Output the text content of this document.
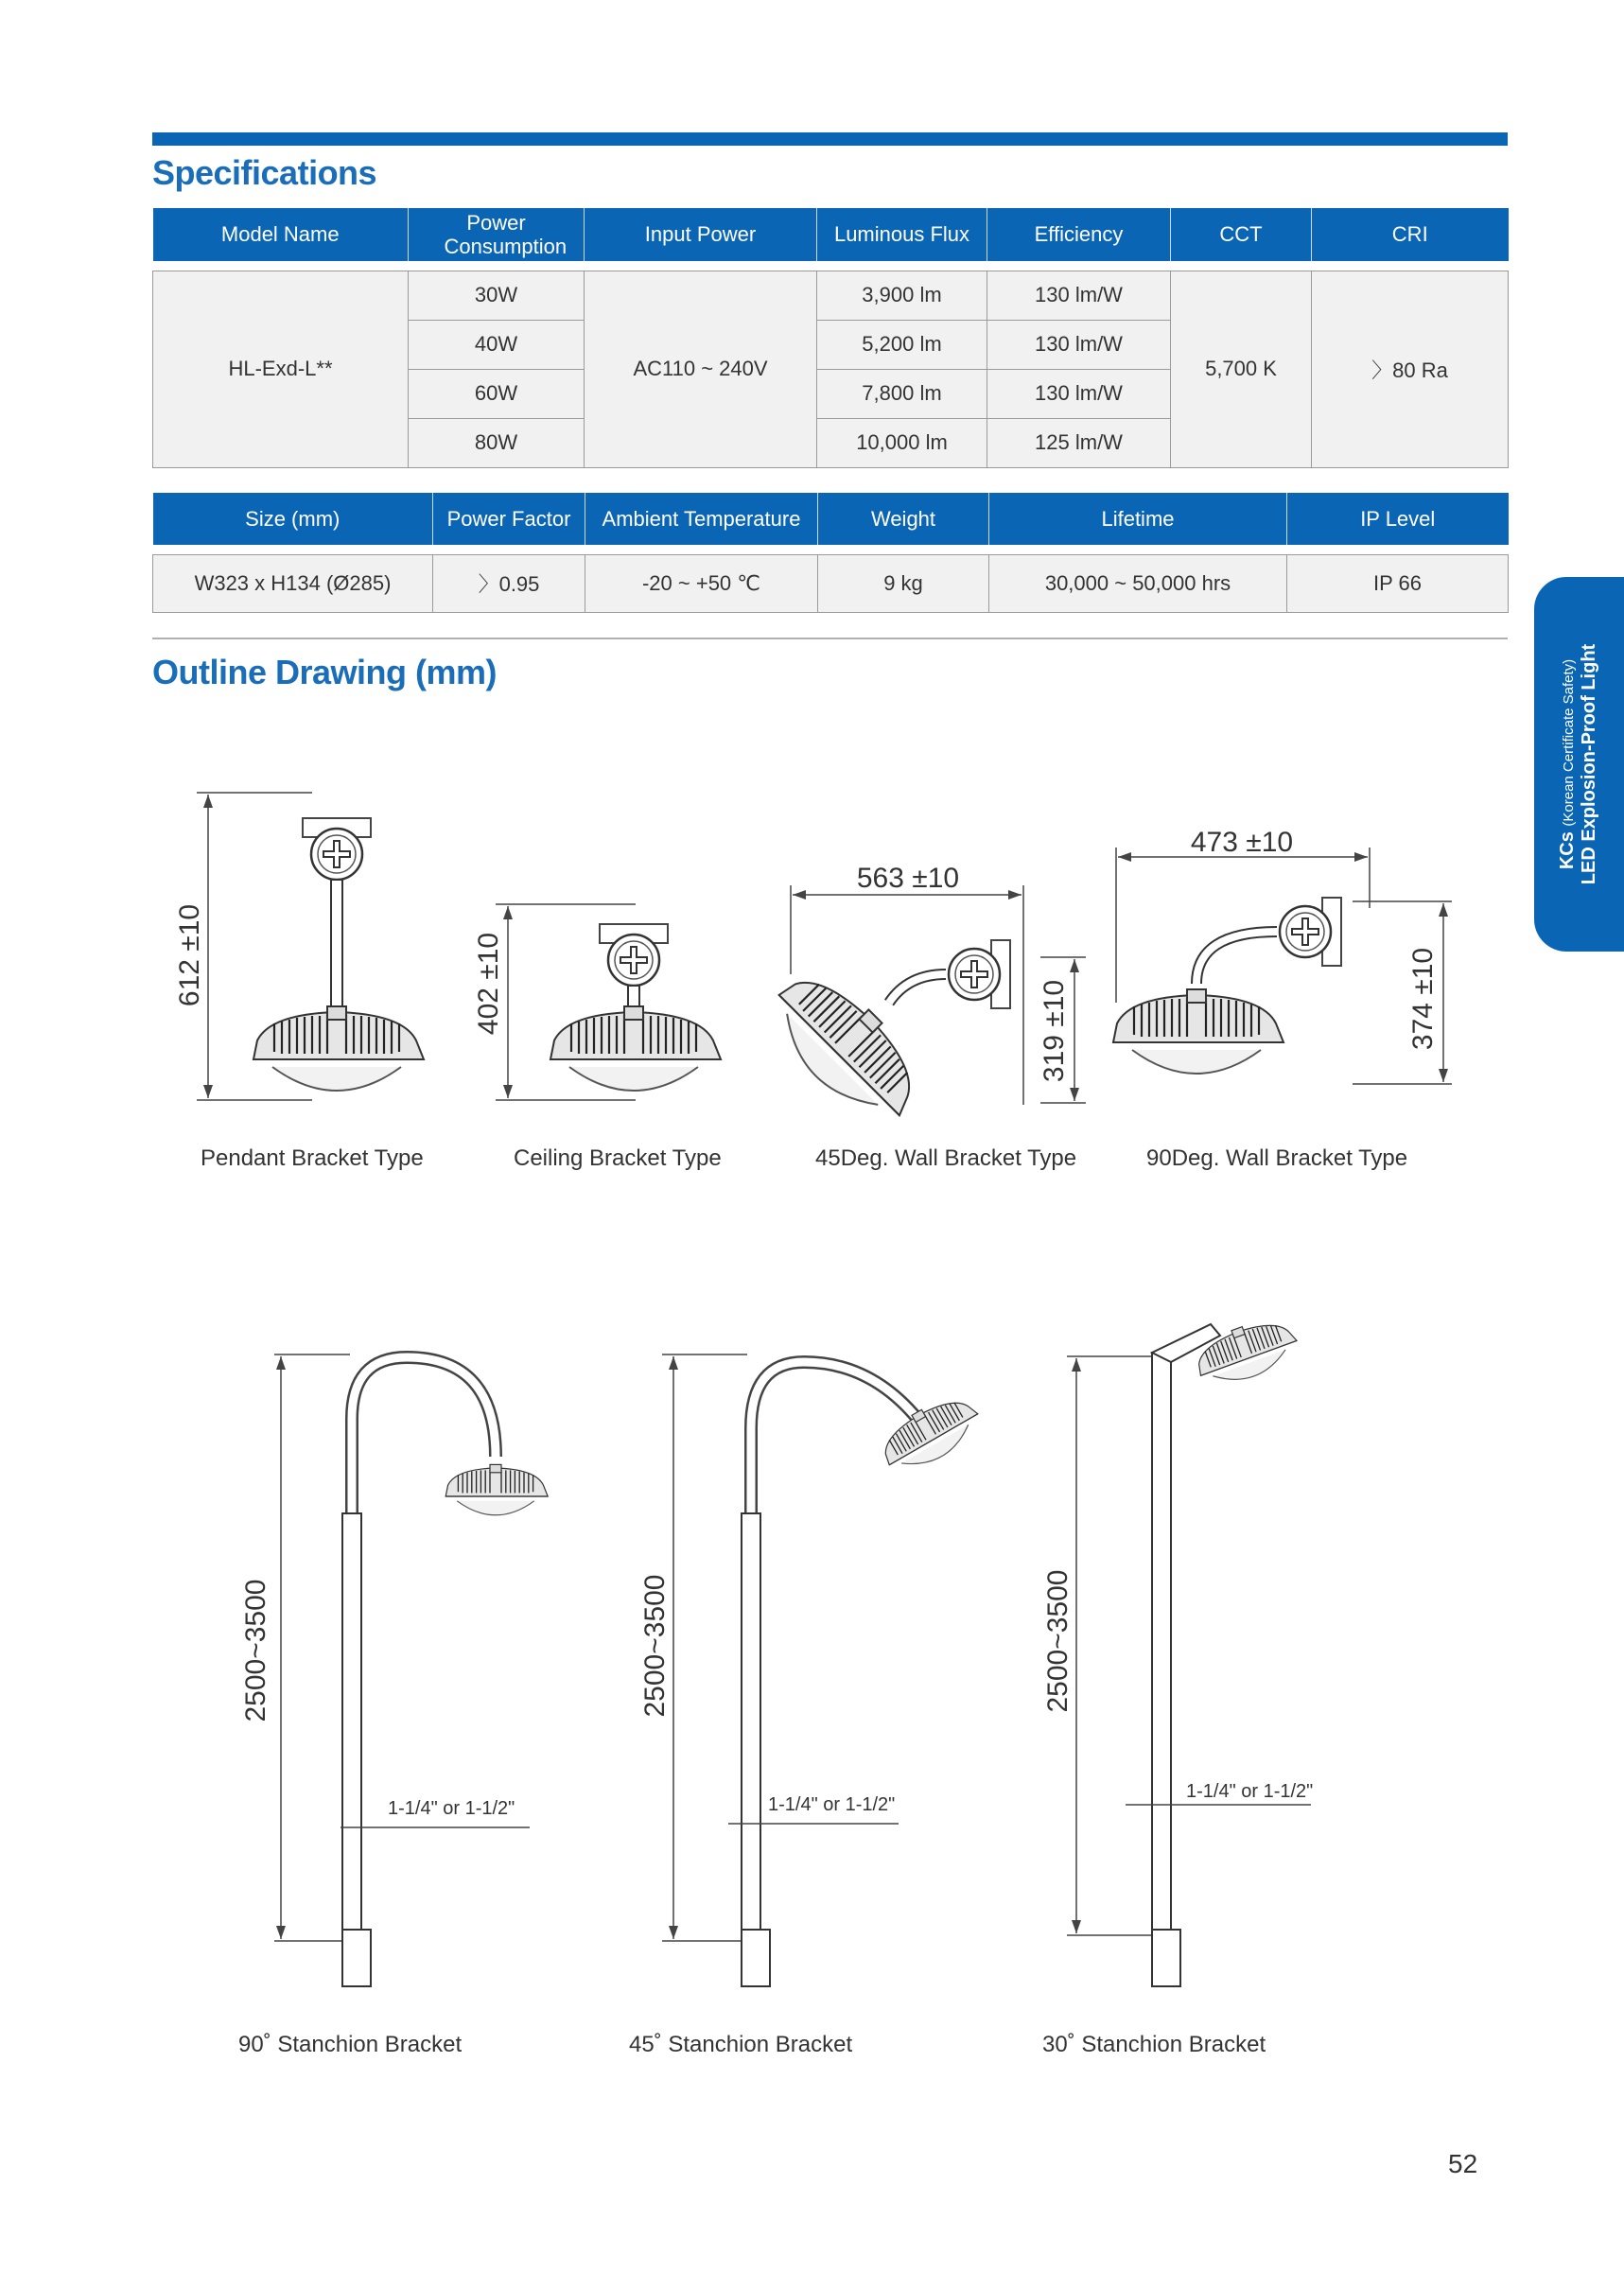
Specifications
Model Name	Power Consumption	Input Power	Luminous Flux	Efficiency	CCT	CRI

HL-Exd-L**	30W	AC110 ~ 240V	3,900 lm	130 lm/W	5,700 K	〉80 Ra
	40W		5,200 lm	130 lm/W		
	60W		7,800 lm	130 lm/W		
	80W		10,000 lm	125 lm/W		
Size (mm)	Power Factor	Ambient Temperature	Weight	Lifetime	IP Level

W323 x H134 (Ø285)	〉0.95	-20 ~ +50 ℃	9 kg	30,000 ~ 50,000 hrs	IP 66
KCs (Korean Certificate Safety) LED Explosion-Proof Light
Outline Drawing (mm)
612 ±10	402 ±10
563 ±10
319 ±10
473 ±10
374 ±10
2500~3500
1-1/4" or 1-1/2"
2500~3500
1-1/4" or 1-1/2"
2500~3500
1-1/4" or 1-1/2"
Pendant Bracket Type	Ceiling Bracket Type	45Deg. Wall Bracket Type	90Deg. Wall Bracket Type
90˚ Stanchion Bracket	45˚ Stanchion Bracket	30˚ Stanchion Bracket
52
